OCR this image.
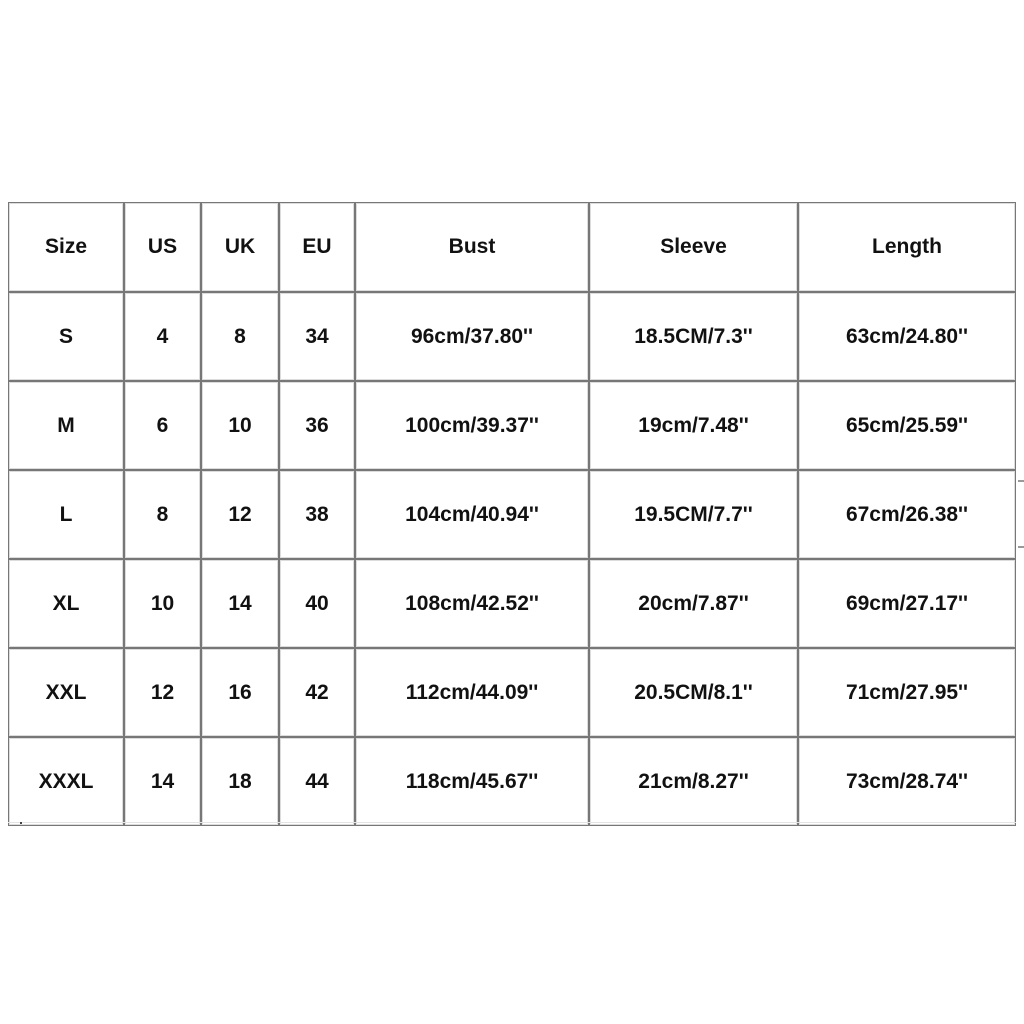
Size	US	UK	EU	Bust	Sleeve	Length
S	4	8	34	96cm/37.80''	18.5CM/7.3''	63cm/24.80''
M	6	10	36	100cm/39.37''	19cm/7.48''	65cm/25.59''
L	8	12	38	104cm/40.94''	19.5CM/7.7''	67cm/26.38''
XL	10	14	40	108cm/42.52''	20cm/7.87''	69cm/27.17''
XXL	12	16	42	112cm/44.09''	20.5CM/8.1''	71cm/27.95''
XXXL	14	18	44	118cm/45.67''	21cm/8.27''	73cm/28.74''
